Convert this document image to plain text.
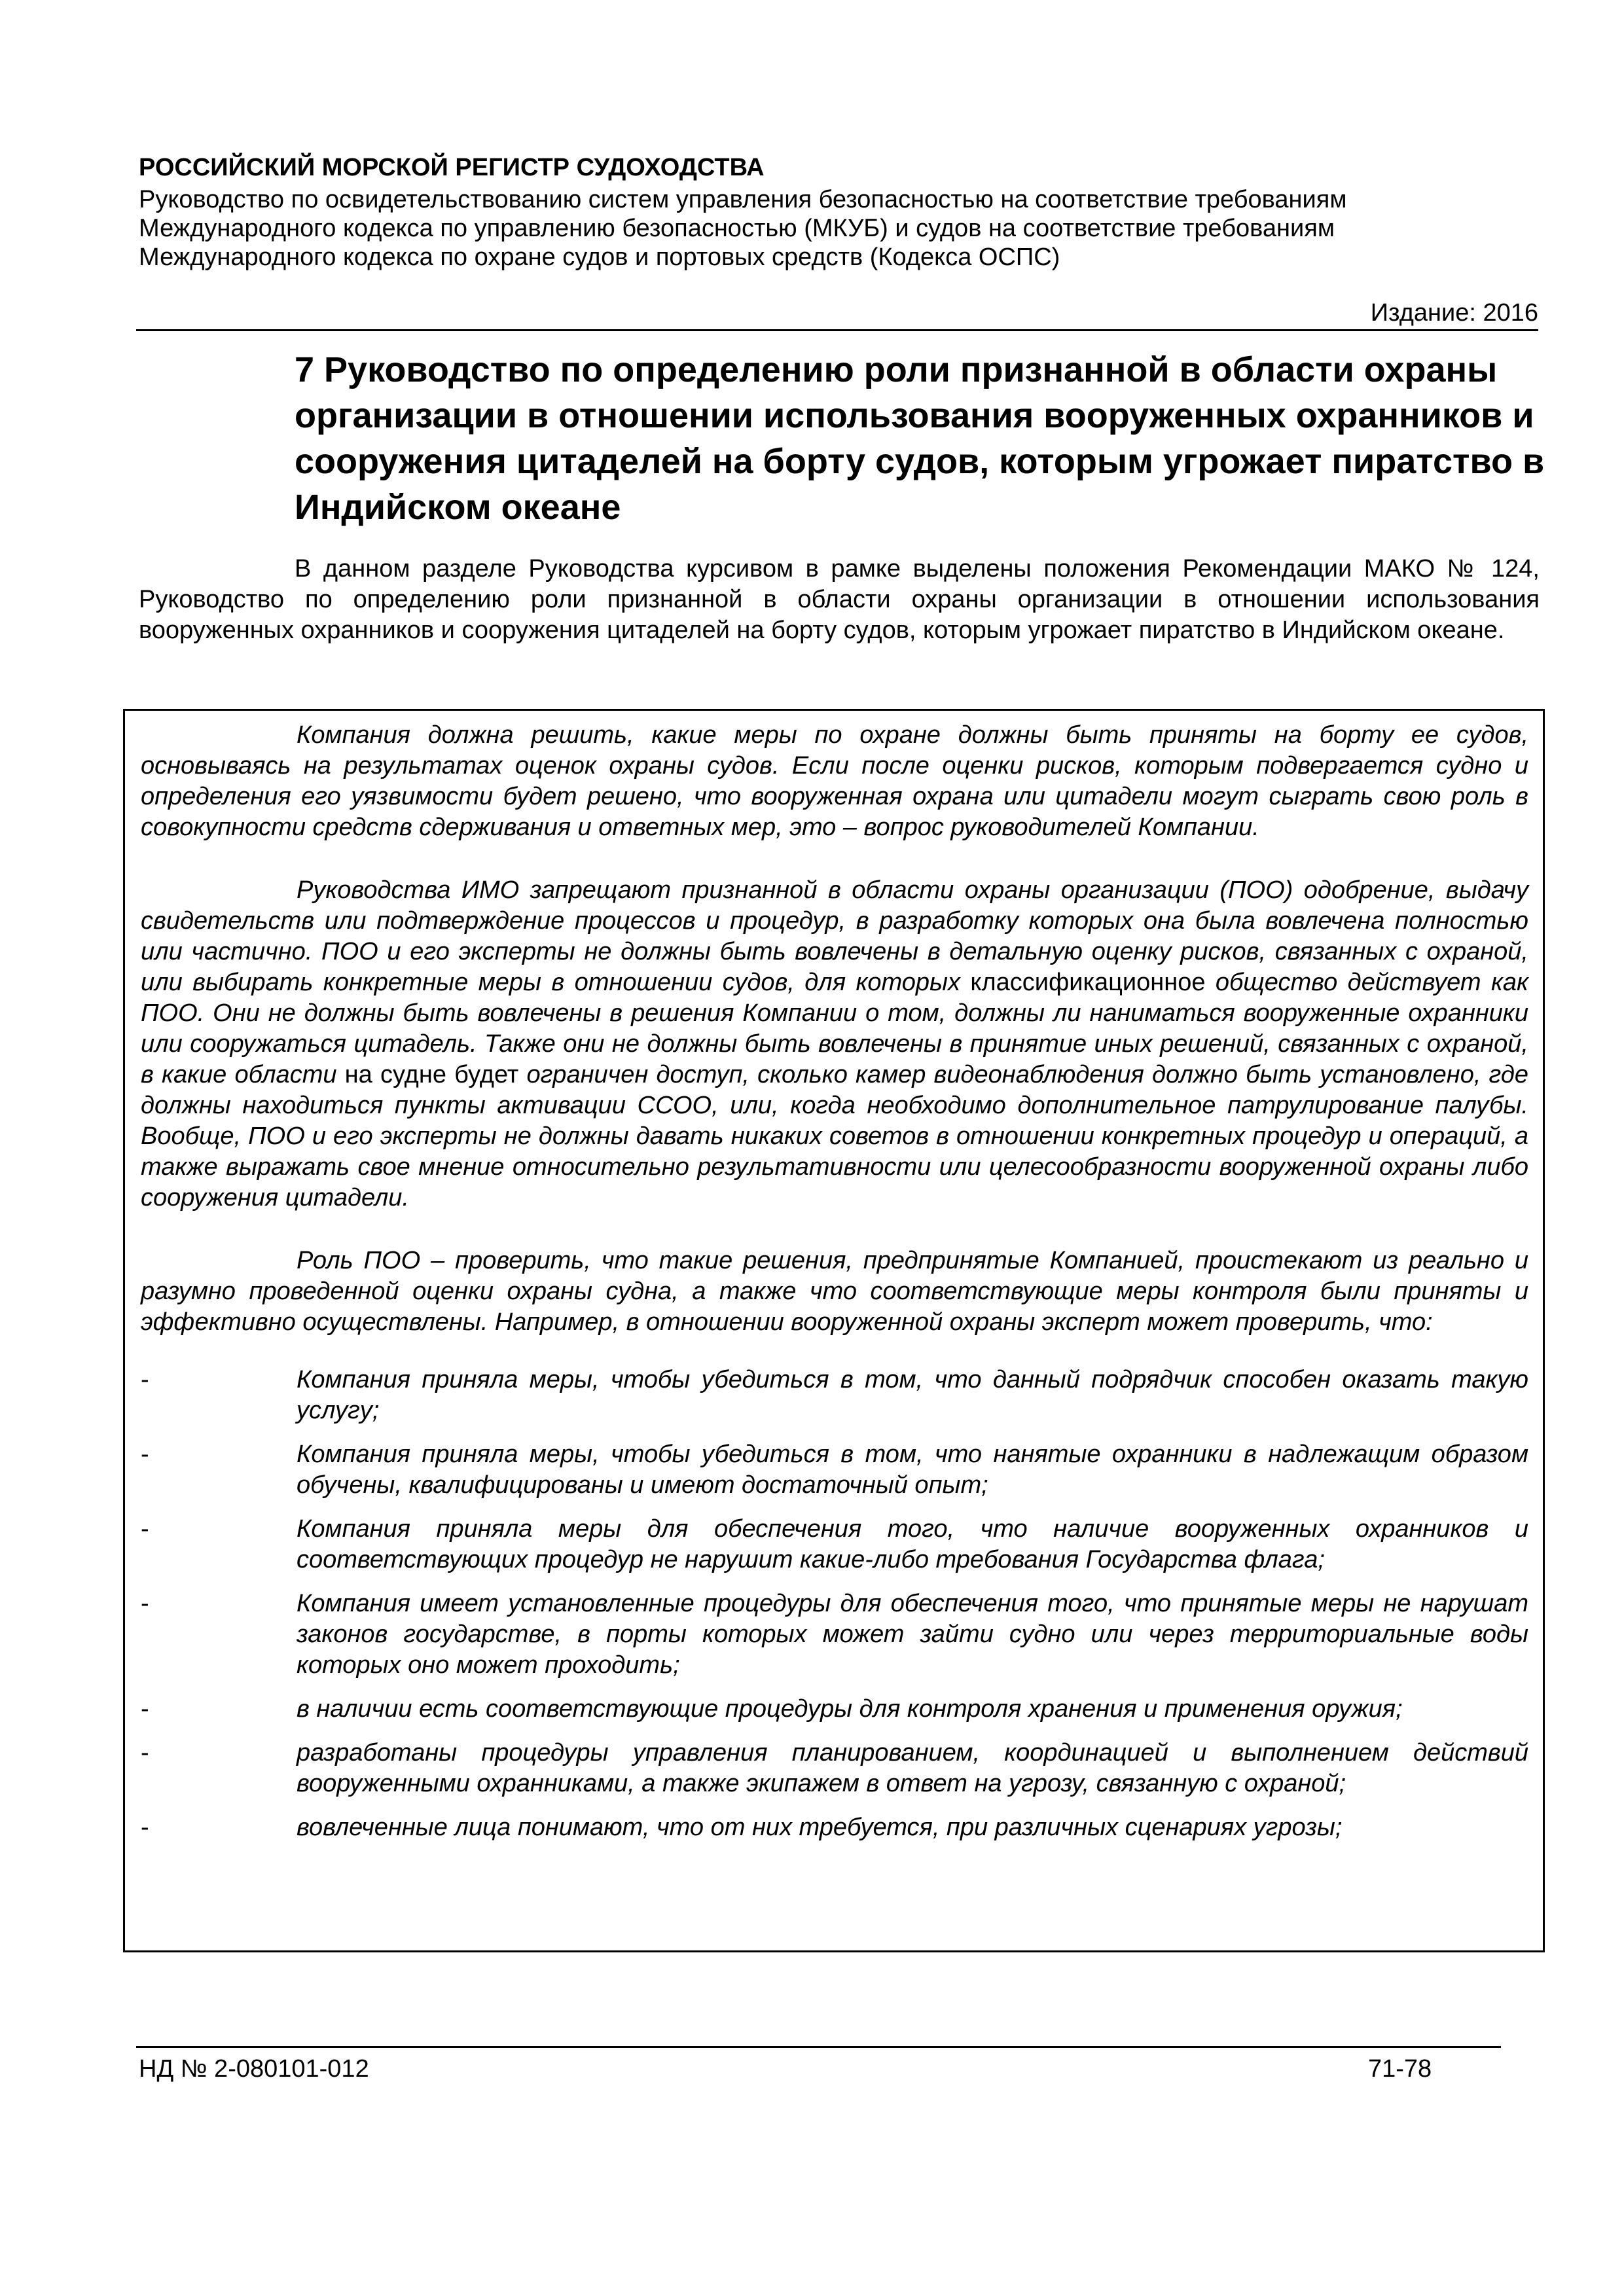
РОССИЙСКИЙ МОРСКОЙ РЕГИСТР СУДОХОДСТВА

Руководство по освидетельствованию систем управления безопасностью на соответствие требованиям
Международного кодекса по управлению безопасностью (МКУБ) и судов на соответствие требованиям
Международного кодекса по охране судов и портовых средств (Кодекса ОСПС)
Издание: 2016
7 Руководство по определению роли признанной в области охраны организации в отношении использования вооруженных охранников и сооружения цитаделей на борту судов, которым угрожает пиратство в Индийском океане

В данном разделе Руководства курсивом в рамке выделены положения Рекомендации МАКО № 124, Руководство по определению роли признанной в области охраны организации в отношении использования вооруженных охранников и сооружения цитаделей на борту судов, которым угрожает пиратство в Индийском океане.

Компания должна решить, какие меры по охране должны быть приняты на борту ее судов, основываясь на результатах оценок охраны судов. Если после оценки рисков, которым подвергается судно и определения его уязвимости будет решено, что вооруженная охрана или цитадели могут сыграть свою роль в совокупности средств сдерживания и ответных мер, это – вопрос руководителей Компании.

Руководства ИМО запрещают признанной в области охраны организации (ПОО) одобрение, выдачу свидетельств или подтверждение процессов и процедур, в разработку которых она была вовлечена полностью или частично. ПОО и его эксперты не должны быть вовлечены в детальную оценку рисков, связанных с охраной, или выбирать конкретные меры в отношении судов, для которых классификационное общество действует как ПОО. Они не должны быть вовлечены в решения Компании о том, должны ли наниматься вооруженные охранники или сооружаться цитадель. Также они не должны быть вовлечены в принятие иных решений, связанных с охраной, в какие области на судне будет ограничен доступ, сколько камер видеонаблюдения должно быть установлено, где должны находиться пункты активации ССОО, или, когда необходимо дополнительное патрулирование палубы. Вообще, ПОО и его эксперты не должны давать никаких советов в отношении конкретных процедур и операций, а также выражать свое мнение относительно результативности или целесообразности вооруженной охраны либо сооружения цитадели.

Роль ПОО – проверить, что такие решения, предпринятые Компанией, проистекают из реально и разумно проведенной оценки охраны судна, а также что соответствующие меры контроля были приняты и эффективно осуществлены. Например, в отношении вооруженной охраны эксперт может проверить, что:

-	Компания приняла меры, чтобы убедиться в том, что данный подрядчик способен оказать такую услугу;
-	Компания приняла меры, чтобы убедиться в том, что нанятые охранники в надлежащим образом обучены, квалифицированы и имеют достаточный опыт;
-	Компания приняла меры для обеспечения того, что наличие вооруженных охранников и соответствующих процедур не нарушит какие-либо требования Государства флага;
-	Компания имеет установленные процедуры для обеспечения того, что принятые меры не нарушат законов государстве, в порты которых может зайти судно или через территориальные воды которых оно может проходить;
-	в наличии есть соответствующие процедуры для контроля хранения и применения оружия;
-	разработаны процедуры управления планированием, координацией и выполнением действий вооруженными охранниками, а также экипажем в ответ на угрозу, связанную с охраной;
-	вовлеченные лица понимают, что от них требуется, при различных сценариях угрозы;
НД № 2-080101-012	71-78
